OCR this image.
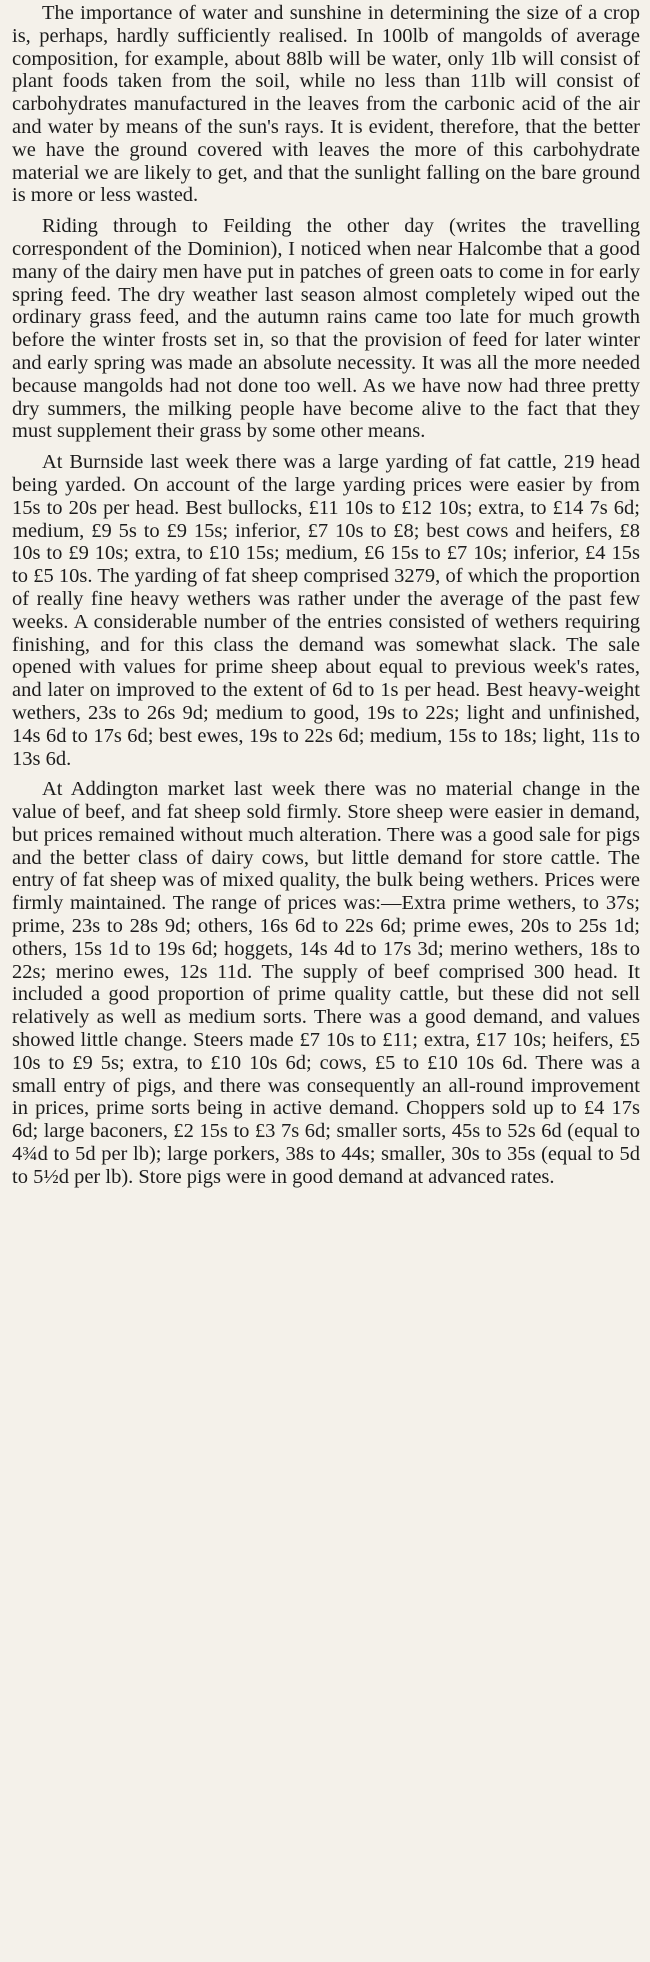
The importance of water and sunshine in determining the size of a crop is, perhaps, hardly sufficiently realised. In 100lb of mangolds of average composition, for example, about 88lb will be water, only 1lb will consist of plant foods taken from the soil, while no less than 11lb will consist of carbohydrates manufactured in the leaves from the carbonic acid of the air and water by means of the sun's rays. It is evident, therefore, that the better we have the ground covered with leaves the more of this carbohydrate material we are likely to get, and that the sunlight falling on the bare ground is more or less wasted.

Riding through to Feilding the other day (writes the travelling correspondent of the Dominion), I noticed when near Halcombe that a good many of the dairy men have put in patches of green oats to come in for early spring feed. The dry weather last season almost completely wiped out the ordinary grass feed, and the autumn rains came too late for much growth before the winter frosts set in, so that the provision of feed for later winter and early spring was made an absolute necessity. It was all the more needed because mangolds had not done too well. As we have now had three pretty dry summers, the milking people have become alive to the fact that they must supplement their grass by some other means.

At Burnside last week there was a large yarding of fat cattle, 219 head being yarded. On account of the large yarding prices were easier by from 15s to 20s per head. Best bullocks, £11 10s to £12 10s; extra, to £14 7s 6d; medium, £9 5s to £9 15s; inferior, £7 10s to £8; best cows and heifers, £8 10s to £9 10s; extra, to £10 15s; medium, £6 15s to £7 10s; inferior, £4 15s to £5 10s. The yarding of fat sheep comprised 3279, of which the proportion of really fine heavy wethers was rather under the average of the past few weeks. A considerable number of the entries consisted of wethers requiring finishing, and for this class the demand was somewhat slack. The sale opened with values for prime sheep about equal to previous week's rates, and later on improved to the extent of 6d to 1s per head. Best heavy-weight wethers, 23s to 26s 9d; medium to good, 19s to 22s; light and unfinished, 14s 6d to 17s 6d; best ewes, 19s to 22s 6d; medium, 15s to 18s; light, 11s to 13s 6d.

At Addington market last week there was no material change in the value of beef, and fat sheep sold firmly. Store sheep were easier in demand, but prices remained without much alteration. There was a good sale for pigs and the better class of dairy cows, but little demand for store cattle. The entry of fat sheep was of mixed quality, the bulk being wethers. Prices were firmly maintained. The range of prices was:—Extra prime wethers, to 37s; prime, 23s to 28s 9d; others, 16s 6d to 22s 6d; prime ewes, 20s to 25s 1d; others, 15s 1d to 19s 6d; hoggets, 14s 4d to 17s 3d; merino wethers, 18s to 22s; merino ewes, 12s 11d. The supply of beef comprised 300 head. It included a good proportion of prime quality cattle, but these did not sell relatively as well as medium sorts. There was a good demand, and values showed little change. Steers made £7 10s to £11; extra, £17 10s; heifers, £5 10s to £9 5s; extra, to £10 10s 6d; cows, £5 to £10 10s 6d. There was a small entry of pigs, and there was consequently an all-round improvement in prices, prime sorts being in active demand. Choppers sold up to £4 17s 6d; large baconers, £2 15s to £3 7s 6d; smaller sorts, 45s to 52s 6d (equal to 4¾d to 5d per lb); large porkers, 38s to 44s; smaller, 30s to 35s (equal to 5d to 5½d per lb). Store pigs were in good demand at advanced rates.
